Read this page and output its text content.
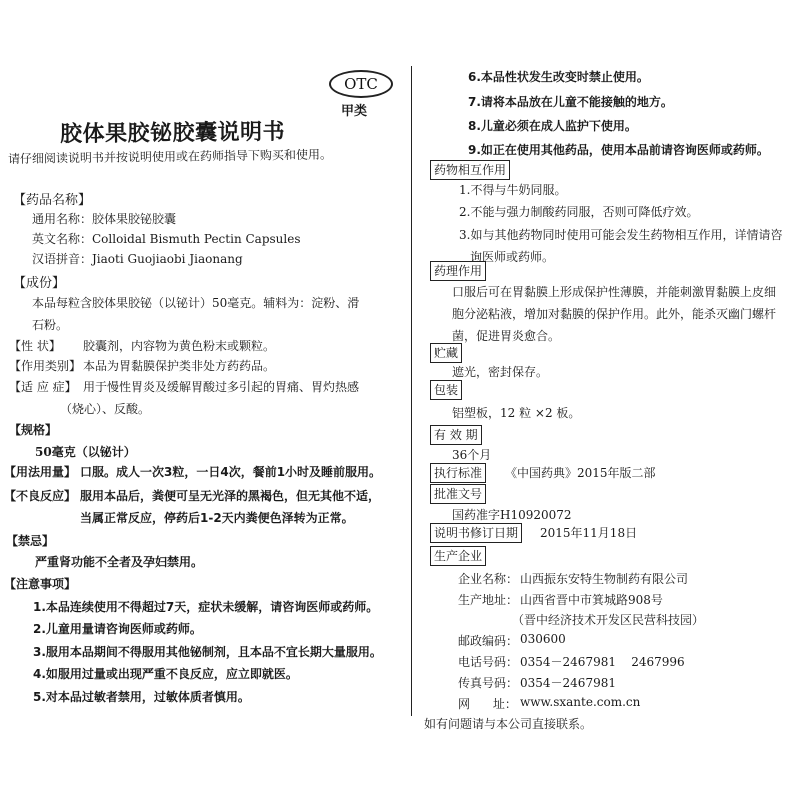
OTC
甲类
胶体果胶铋胶囊说明书
请仔细阅读说明书并按说明使用或在药师指导下购买和使用。
【药品名称】
通用名称：胶体果胶铋胶囊
英文名称：Colloidal Bismuth Pectin Capsules
汉语拼音：Jiaoti Guojiaobi Jiaonang
【成份】
本品每粒含胶体果胶铋（以铋计）50毫克。辅料为：淀粉、滑
石粉。
【性 状】 胶囊剂，内容物为黄色粉末或颗粒。
【作用类别】 本品为胃黏膜保护类非处方药药品。
【适 应 症】 用于慢性胃炎及缓解胃酸过多引起的胃痛、胃灼热感
（烧心）、反酸。
【规格】
50毫克（以铋计）
【用法用量】 口服。成人一次3粒，一日4次，餐前1小时及睡前服用。
【不良反应】 服用本品后，粪便可呈无光泽的黑褐色，但无其他不适，
当属正常反应，停药后1-2天内粪便色泽转为正常。
【禁忌】
严重肾功能不全者及孕妇禁用。
【注意事项】
1.本品连续使用不得超过7天，症状未缓解，请咨询医师或药师。
2.儿童用量请咨询医师或药师。
3.服用本品期间不得服用其他铋制剂，且本品不宜长期大量服用。
4.如服用过量或出现严重不良反应，应立即就医。
5.对本品过敏者禁用，过敏体质者慎用。
6.本品性状发生改变时禁止使用。
7.请将本品放在儿童不能接触的地方。
8.儿童必须在成人监护下使用。
9.如正在使用其他药品，使用本品前请咨询医师或药师。
药物相互作用
1.不得与牛奶同服。
2.不能与强力制酸药同服，否则可降低疗效。
3.如与其他药物同时使用可能会发生药物相互作用，详情请咨
询医师或药师。
药理作用
口服后可在胃黏膜上形成保护性薄膜，并能刺激胃黏膜上皮细
胞分泌粘液，增加对黏膜的保护作用。此外，能杀灭幽门螺杆
菌，促进胃炎愈合。
贮藏
遮光，密封保存。
包装
铝塑板，12 粒 ×2 板。
有 效 期
36个月
执行标准	《中国药典》2015年版二部
批准文号
国药准字H10920072
说明书修订日期	2015年11月18日
生产企业
企业名称： 山西振东安特生物制药有限公司
生产地址： 山西省晋中市箕城路908号
（晋中经济技术开发区民营科技园）
邮政编码： 030600
电话号码： 0354－2467981    2467996
传真号码： 0354－2467981
网      址： www.sxante.com.cn
如有问题请与本公司直接联系。
